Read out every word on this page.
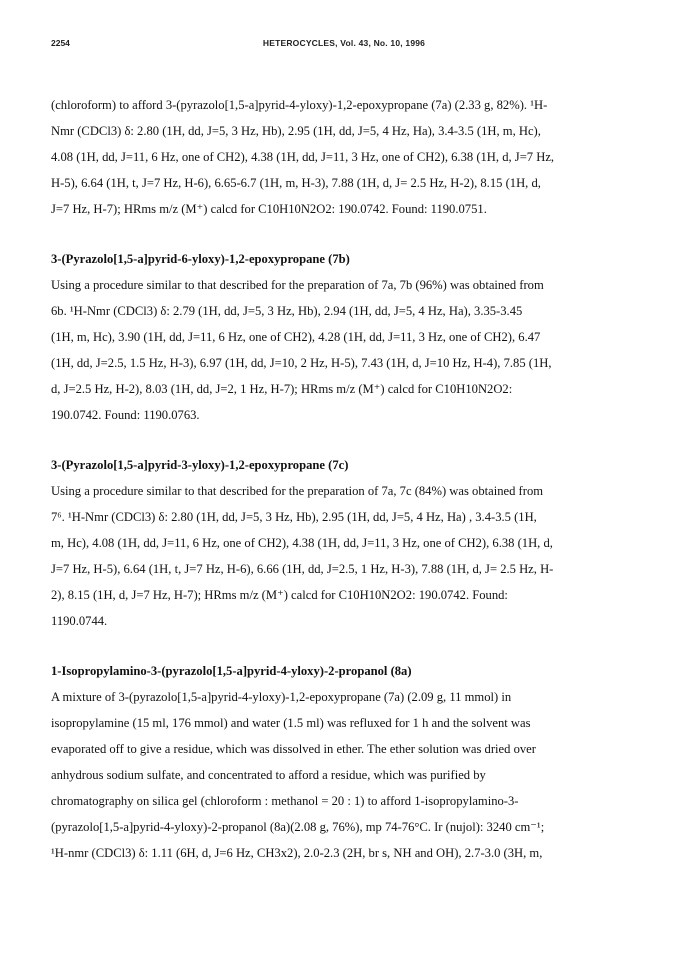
2254	HETEROCYCLES, Vol. 43, No. 10, 1996

(chloroform) to afford 3-(pyrazolo[1,5-a]pyrid-4-yloxy)-1,2-epoxypropane (7a) (2.33 g, 82%). ¹H-

Nmr (CDCl3) δ: 2.80 (1H, dd, J=5, 3 Hz, Hb), 2.95 (1H, dd, J=5, 4 Hz, Ha), 3.4-3.5 (1H, m, Hc),

4.08 (1H, dd, J=11, 6 Hz, one of CH2), 4.38 (1H, dd, J=11, 3 Hz, one of CH2), 6.38 (1H, d, J=7 Hz,

H-5), 6.64 (1H, t, J=7 Hz, H-6), 6.65-6.7 (1H, m, H-3), 7.88 (1H, d, J= 2.5 Hz, H-2), 8.15 (1H, d,

J=7 Hz, H-7); HRms m/z (M⁺) calcd for C10H10N2O2: 190.0742. Found: 1190.0751.

3-(Pyrazolo[1,5-a]pyrid-6-yloxy)-1,2-epoxypropane (7b)

Using a procedure similar to that described for the preparation of 7a, 7b (96%) was obtained from

6b. ¹H-Nmr (CDCl3) δ: 2.79 (1H, dd, J=5, 3 Hz, Hb), 2.94 (1H, dd, J=5, 4 Hz, Ha), 3.35-3.45

(1H, m, Hc), 3.90 (1H, dd, J=11, 6 Hz, one of CH2), 4.28 (1H, dd, J=11, 3 Hz, one of CH2), 6.47

(1H, dd, J=2.5, 1.5 Hz, H-3), 6.97 (1H, dd, J=10, 2 Hz, H-5), 7.43 (1H, d, J=10 Hz, H-4), 7.85 (1H,

d, J=2.5 Hz, H-2), 8.03 (1H, dd, J=2, 1 Hz, H-7); HRms m/z (M⁺) calcd for C10H10N2O2:

190.0742. Found: 1190.0763.

3-(Pyrazolo[1,5-a]pyrid-3-yloxy)-1,2-epoxypropane (7c)

Using a procedure similar to that described for the preparation of 7a, 7c (84%) was obtained from

7⁶. ¹H-Nmr (CDCl3) δ: 2.80 (1H, dd, J=5, 3 Hz, Hb), 2.95 (1H, dd, J=5, 4 Hz, Ha) , 3.4-3.5 (1H,

m, Hc), 4.08 (1H, dd, J=11, 6 Hz, one of CH2), 4.38 (1H, dd, J=11, 3 Hz, one of CH2), 6.38 (1H, d,

J=7 Hz, H-5), 6.64 (1H, t, J=7 Hz, H-6), 6.66 (1H, dd, J=2.5, 1 Hz, H-3), 7.88 (1H, d, J= 2.5 Hz, H-

2), 8.15 (1H, d, J=7 Hz, H-7); HRms m/z (M⁺) calcd for C10H10N2O2: 190.0742. Found:

1190.0744.

1-Isopropylamino-3-(pyrazolo[1,5-a]pyrid-4-yloxy)-2-propanol (8a)

A mixture of 3-(pyrazolo[1,5-a]pyrid-4-yloxy)-1,2-epoxypropane (7a) (2.09 g, 11 mmol) in

isopropylamine (15 ml, 176 mmol) and water (1.5 ml) was refluxed for 1 h and the solvent was

evaporated off to give a residue, which was dissolved in ether. The ether solution was dried over

anhydrous sodium sulfate, and concentrated to afford a residue, which was purified by

chromatography on silica gel (chloroform : methanol = 20 : 1) to afford 1-isopropylamino-3-

(pyrazolo[1,5-a]pyrid-4-yloxy)-2-propanol (8a)(2.08 g, 76%), mp 74-76°C. Ir (nujol): 3240 cm⁻¹;

¹H-nmr (CDCl3) δ: 1.11 (6H, d, J=6 Hz, CH3x2), 2.0-2.3 (2H, br s, NH and OH), 2.7-3.0 (3H, m,
